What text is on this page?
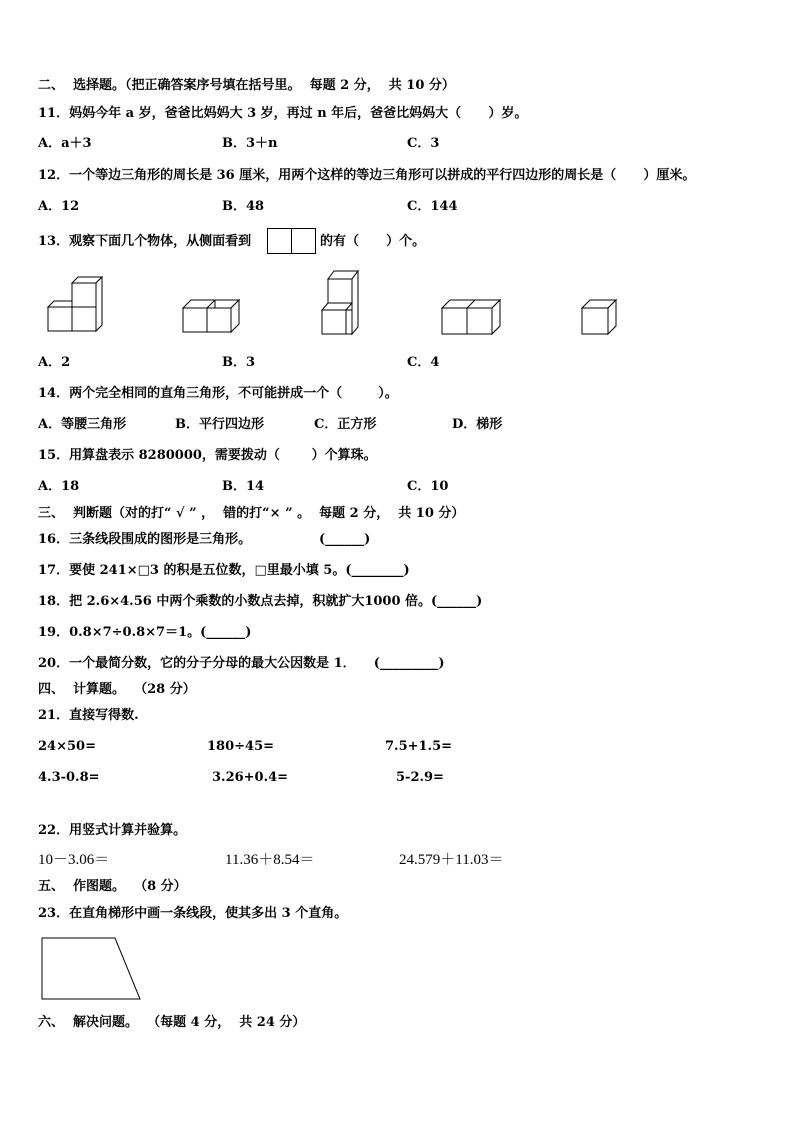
二、  选择题。（把正确答案序号填在括号里。  每题 2 分，  共 10 分）
11．妈妈今年 a 岁，爸爸比妈妈大 3 岁，再过 n 年后，爸爸比妈妈大（      ）岁。
A．a＋3	B．3＋n	C．3
12．一个等边三角形的周长是 36 厘米，用两个这样的等边三角形可以拼成的平行四边形的周长是（      ）厘米。
A．12	B．48	C．144
13．观察下面几个物体，从侧面看到	的有（      ）个。
A．2	B．3	C．4
14．两个完全相同的直角三角形，不可能拼成一个（        ）。
A．等腰三角形	B．平行四边形	C．正方形	D．梯形
15．用算盘表示 8280000，需要拨动（       ）个算珠。
A．18	B．14	C．10
三、  判断题（对的打“ √ ” ，  错的打“× ” 。  每题 2 分，  共 10 分）
16．三条线段围成的图形是三角形。               (______)
17．要使 241×□3 的积是五位数，□里最小填 5。(________)
18．把 2.6×4.56 中两个乘数的小数点去掉，积就扩大1000 倍。(______)
19．0.8×7÷0.8×7＝1。(______)
20．一个最简分数，它的分子分母的最大公因数是 1．    (_________)
四、  计算题。  （28 分）
21．直接写得数.
24×50=	180÷45=	7.5+1.5=
4.3-0.8=	3.26+0.4=	5-2.9=
22．用竖式计算并验算。
10－3.06＝	11.36＋8.54＝	24.579＋11.03＝
五、  作图题。  （8 分）
23．在直角梯形中画一条线段，使其多出 3 个直角。
六、  解决问题。  （每题 4 分，  共 24 分）
